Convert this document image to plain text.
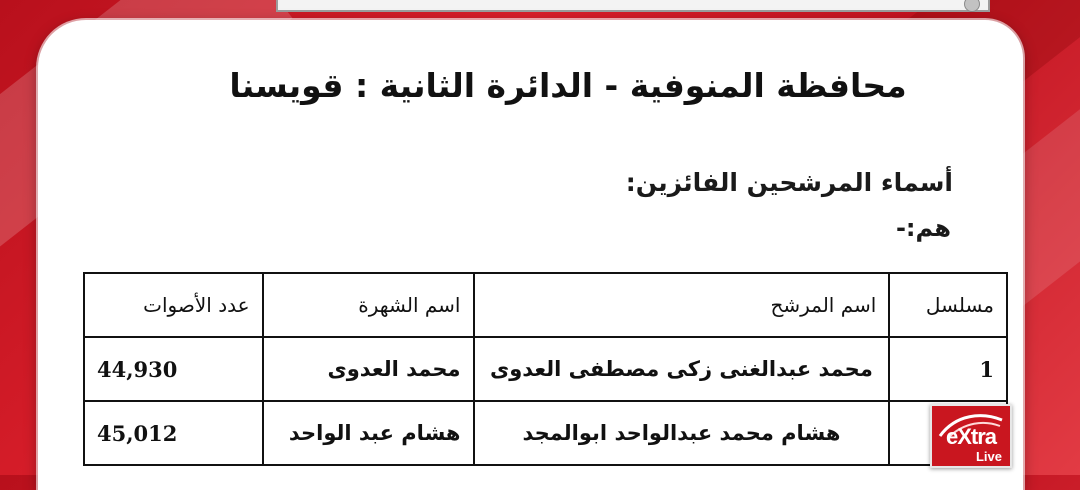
محافظة المنوفية - الدائرة الثانية : قويسنا
أسماء المرشحين الفائزين:
هم:-
مسلسل	اسم المرشح	اسم الشهرة	عدد الأصوات
1	محمد عبدالغنى زكى مصطفى العدوى	محمد العدوى	44,930
	هشام محمد عبدالواحد ابوالمجد	هشام عبد الواحد	45,012	eXtra
Live
